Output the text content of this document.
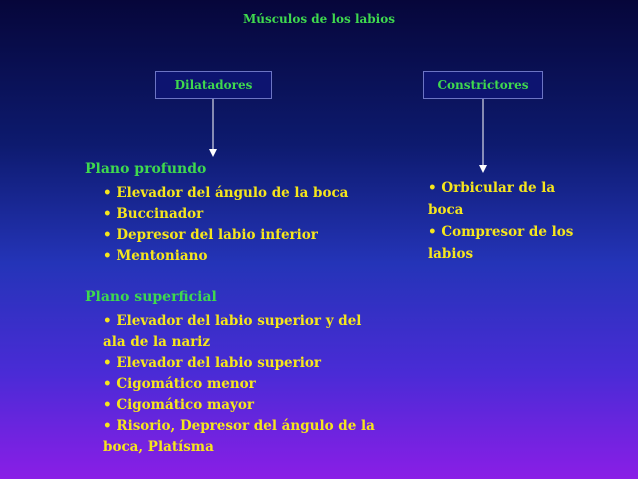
Músculos de los labios
Dilatadores	Constrictores
Plano profundo
• Elevador del ángulo de la boca
• Buccinador
• Depresor del labio inferior
• Mentoniano
Plano superficial
• Elevador del labio superior y del ala de la nariz
• Elevador del labio superior
• Cigomático menor
• Cigomático mayor
• Risorio, Depresor del ángulo de la boca, Platísma
• Orbicular de la boca
• Compresor de los labios
